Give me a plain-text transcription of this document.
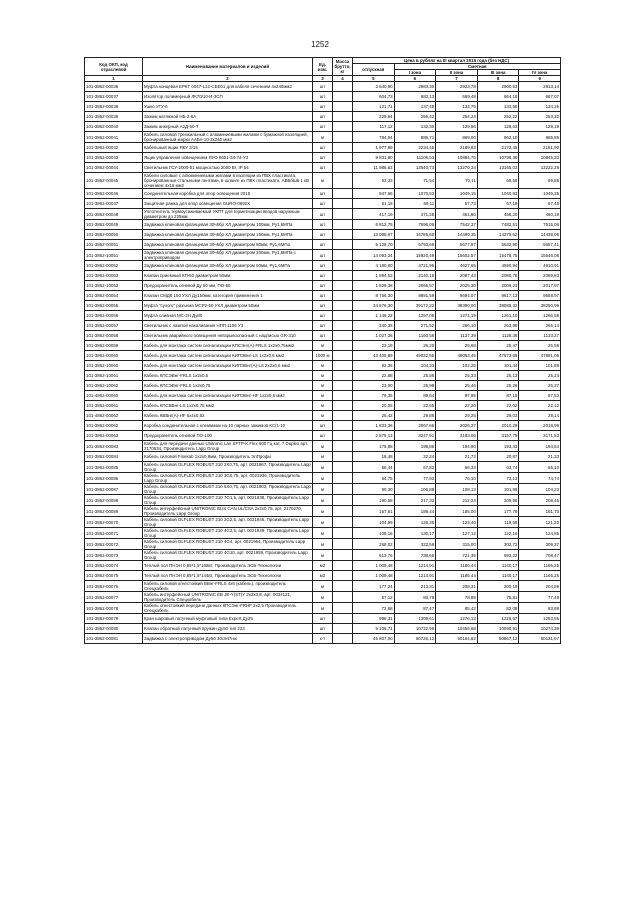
1252
Код ОКП, код отраслевой	Наименование материалов и изделий	Ед. изм.	Масса брутто, кг	Цена в рублях на III квартал 2016 года (без НДС)				
				отпускная	Сметная			
					I зона	II зона	III зона	IV зона
1	2	3	4	5	6	7	8	9
101-3862-00036	Муфта концевая ЕРКТ 0047-L12-CEE01 для кабеля сечением 4х240мм2	шт		2 640,90	2983,30	2923,78	2900,53	2913,14
101-3862-00037	Изолятор полимерный ЛК70/10-И-3СП	шт		604,73	683,13	669,48	664,18	667,07
101-3862-00038	Ушко УГУ-6	шт		121,71	137,49	134,75	133,68	134,26
101-3862-00039	Зажим натяжной НБ-2-6А	шт		229,64	259,42	254,24	252,22	253,32
101-3862-00040	Зажим анкерный А2Д-50-Т	шт		117,12	132,30	129,66	128,63	129,19
101-3862-00041	Кабель силовой трехжильный с алюминиевыми жилами с бумажной изоляцией, бронированный марки ААБл-10-3х240 мм2	м		784,94	886,71	869,00	862,10	865,85
101-3862-00042	Кабельный ящик ЯКУ 2/15	шт		1 977,99	2234,45	2189,83	2172,45	2181,90
101-3862-00043	Ящик управления освещением ЯУО 9601-34-74-У3	шт		9 831,80	11106,53	10884,75	10798,36	10845,33
101-3862-00044	Светильник ГСУ-2000-01 мощностью 2000 Вт, IP 54	шт		11 986,62	13540,73	13270,34	13165,02	13222,29
101-3862-00045	Кабели силовые с алюминиевыми жилами в изоляции из ПВХ пластиката, бронированные стальными лентами, в шланге из ПВХ пластиката, АВБбШв 1 кВ сечением 4х16 мм2	м		63,33	71,54	70,11	69,56	69,86
101-3862-00046	Соединительная коробка для опор освещения 2015	шт		947,66	1070,53	1049,15	1040,83	1045,35
101-3862-00047	Защитная рамка для опор освещения GURO-0692X	шт		61,18	69,11	67,73	67,19	67,48
101-3862-00048	Уплотнитель термоусаживаемый УКПТ для герметизации вводов наружным диаметром до 225мм	шт		417,19	471,28	461,86	458,20	460,19
101-3862-00049	Задвижка клиновая фланцевая 30ч6бр ХЛ диаметром 100мм, Ру1,6МПа	шт		6 812,75	7696,05	7542,37	7482,51	7515,06
101-3862-00050	Задвижка клиновая фланцевая 30ч6бр ХЛ диаметром 150мм, Ру1,6МПа	шт		13 088,67	14785,60	14490,35	14375,52	14439,05
101-3862-00051	Задвижка клиновая фланцевая 30ч6бр ХЛ диаметром 80мм, Ру1,6МПа	шт		5 128,70	5793,66	5677,97	5632,90	5657,41
101-3862-10051	Задвижка клиновая фланцевая 30ч6бр ХЛ диаметром 200мм, Ру1,6МПа с электроприводом	шт		14 093,24	15920,49	15602,57	15478,75	15546,08
101-3862-00052	Задвижка клиновая фланцевая 30ч6бр ХЛ диаметром 50мм, Ру1,6МПа	шт		4 180,00	4721,95	4627,65	4590,94	4610,91
101-3862-00053	Клапан приемный КП-50 диаметром 50мм	шт		1 894,53	2140,16	2097,43	2080,78	2089,83
101-3862-10053	Предохранитель огневой Ду 50 мм, ПО-50	шт		1 829,38	2066,57	2025,30	2009,23	2017,97
101-3862-00054	Клапан СМДК 150 УХЛ Ду150мм, категория применения 1	шт		8 756,30	9891,59	9694,07	9617,13	9658,97
101-3862-00055	Муфта "сухого" разъема МСР2-50 УХЛ диаметром 50мм	шт		34 676,30	39172,22	38390,00	38085,32	38250,99
101-3862-00056	Муфта сливная МС-2Н Ду80	шт		1 148,22	1297,09	1271,19	1261,10	1266,58
101-3862-00057	Светильник с лампой накаливания НПП 1106 У3	шт		240,35	271,52	266,10	263,99	265,14
101-3862-00058	Светильник аварийного освещения невзрывоопасный с надписью GR-310	шт		1 027,36	1160,56	1137,39	1128,36	1133,27
101-3862-00059	Кабель для монтажа систем сигнализации КПСЭнг(А)-FRLS 1х2х0,75мм2	м		23,19	26,20	25,68	25,47	25,58
101-3862-00060	Кабель для монтажа систем сигнализации КИПЭВнг-LS 1х2х0,6 мм2	1000 м		43 405,89	49032,55	48053,45	47673,69	47881,05
101-3862-10060	Кабель для монтажа систем сигнализации КИПЭВнг(А)-LS 2х2х0,6 мм2	м		92,36	104,33	102,25	101,44	101,88
101-3862-10061	Кабель КПСЭВнг-FRLS 1х2х0,5	м		22,88	25,85	25,33	25,13	25,24
101-3862-10062	Кабель КПСЭВнг-FRLS 1х2х0,75	м		23,00	25,98	25,46	25,26	25,37
101-4862-00060	Кабель для монтажа систем сигнализации КИПЭВнг-HF 1х2х0,6 мм2	м		79,35	89,64	87,85	87,15	87,53
101-3862-00061	Кабель КПСВВнг-LS 1х2х0,75 мм2	м		20,05	22,65	22,20	22,02	22,12
101-4862-00062	Кабель КВВнг(А)-НF 6х4х0,52	м		26,42	29,85	29,25	29,02	29,14
101-3862-00062	Коробка соединительная с клеммами на 10 парных зажимов КС/1-10	шт		1 833,36	2067,66	2026,37	2010,29	2018,99
101-3862-00063	Предохранитель огневой ПО-100	шт		2 875,13	3247,91	3183,06	3157,79	3171,53
101-3862-00083	Кабель для передачи данных Unitronic Lan SFTP-K.Flex 600 Гц кат. 7 Duplex арт. 2170634, Производитель Lapp Group	м		175,88	198,86	194,90	193,43	194,54
101-3862-00084	Кабель силовой Finekab 1х2х0,8мм, Производитель ЭлПрофи	м		18,48	22,24	21,72	20,87	21,33
101-3862-00085	Кабель силовой OLFLEX ROBUST 210 2Х0,75, арт. 0021967, Производитель Lapp Group	м		58,44	67,82	66,33	63,74	65,10
101-3862-00086	Кабель силовой OLFLEX ROBUST 210 3G0,75, арт. 0021936, Производитель Lapp Group	м		64,75	77,93	76,10	73,13	74,74
101-3862-00087	Кабель силовой OLFLEX ROBUST 210 5Х0,75, арт. 0021903, Производитель Lapp Group	м		90,30	106,88	108,13	101,99	104,23
101-3862-00088	Кабель силовой OLFLEX ROBUST 210 7G1,5, арт. 0021938, Производитель Lapp Group	м		190,58	217,33	212,24	209,96	208,45
101-3862-00089	Кабель интерфейсный UNITRONIC BUS CAN UL/CSA 2х2х0,75, арт. 2170270, Производитель Lapp Group	м		157,61	189,44	185,00	177,79	181,70
101-3862-00070	Кабель силовой OLFLEX ROBUST 210 2G2,5, арт. 0021946, Производитель Lapp Group	м		104,99	126,36	123,40	118,59	121,20
101-3862-00071	Кабель силовой OLFLEX ROBUST 210 4G2,5, арт. 0021949, Производитель Lapp Group	м		108,16	130,17	127,12	122,16	124,85
101-3862-00072	Кабель силовой OLFLEX ROBUST 210 4G4, арт. 0021954, Производитель Lapp Group	м		268,02	322,59	315,00	302,72	309,37
101-3862-00073	Кабель силовой OLFLEX ROBUST 210 4G10, арт. 0021959, Производитель Lapp Group	м		613,76	738,66	721,35	693,22	708,47
101-3862-00074	Теплый пол ПНЭН 0,85*1,5*168вт, Производитель ЭСБ-Технологии	м2		1 009,48	1214,91	1186,44	1140,17	1165,25
101-3862-00075	Теплый пол ПНЭН 0,85*1,5*144вт, Производитель ЭСБ-Технологии	м2		1 009,48	1214,91	1186,44	1140,17	1165,25
101-3862-00076	Кабель силовой огнестойкий ВВнг-FRLS 4х6 (кабель), производитель Спецкабель	м		177,24	213,31	208,31	200,19	204,59
101-3862-00077	Кабель интерфейсный UNITRONIC EB JE-Y(ST)Y 2х2х0,8, арт. 0034121, Производитель Спецкабель	м		67,12	80,78	78,89	75,81	77,48
101-3862-00078	Кабель огнестойкий передачи данных КПСЭнг-FRHF 2х2,5 Производитель Спецкабель	м		72,68	87,47	85,42	82,09	83,89
101-3862-00079	Кран шаровый латунный муфтовый типа Eхpert Ду25	шт		998,31	1309,61	1276,13	1226,57	1253,55
101-3862-00080	Клапан обратный латунный пружин Ду50 тип 223	шт		9 106,71	10732,96	10456,68	10090,91	10274,39
101-3862-00081	Задвижка с электроприводом Ду50 30с947нж	к-т		45 807,00	50726,12	50164,82	50867,12	50131,67
